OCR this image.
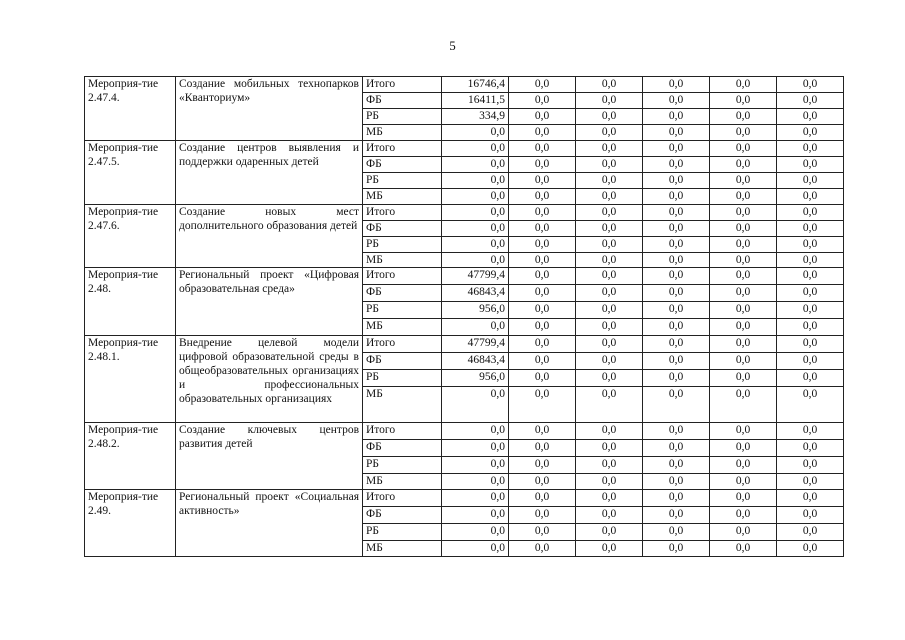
5
Мероприя-тие 2.47.4.	Создание мобильных технопарков «Кванториум»	Итого	16746,4	0,0	0,0	0,0	0,0	0,0
		ФБ	16411,5	0,0	0,0	0,0	0,0	0,0
		РБ	334,9	0,0	0,0	0,0	0,0	0,0
		МБ	0,0	0,0	0,0	0,0	0,0	0,0
Мероприя-тие 2.47.5.	Создание центров выявления и поддержки одаренных детей	Итого	0,0	0,0	0,0	0,0	0,0	0,0
		ФБ	0,0	0,0	0,0	0,0	0,0	0,0
		РБ	0,0	0,0	0,0	0,0	0,0	0,0
		МБ	0,0	0,0	0,0	0,0	0,0	0,0
Мероприя-тие 2.47.6.	Создание новых мест дополнительного образования детей	Итого	0,0	0,0	0,0	0,0	0,0	0,0
		ФБ	0,0	0,0	0,0	0,0	0,0	0,0
		РБ	0,0	0,0	0,0	0,0	0,0	0,0
		МБ	0,0	0,0	0,0	0,0	0,0	0,0
Мероприя-тие 2.48.	Региональный проект «Цифровая образовательная среда»	Итого	47799,4	0,0	0,0	0,0	0,0	0,0
		ФБ	46843,4	0,0	0,0	0,0	0,0	0,0
		РБ	956,0	0,0	0,0	0,0	0,0	0,0
		МБ	0,0	0,0	0,0	0,0	0,0	0,0
Мероприя-тие 2.48.1.	Внедрение целевой модели цифровой образовательной среды в общеобразовательных организациях и профессиональных образовательных организациях	Итого	47799,4	0,0	0,0	0,0	0,0	0,0
		ФБ	46843,4	0,0	0,0	0,0	0,0	0,0
		РБ	956,0	0,0	0,0	0,0	0,0	0,0
		МБ	0,0	0,0	0,0	0,0	0,0	0,0
Мероприя-тие 2.48.2.	Создание ключевых центров развития детей	Итого	0,0	0,0	0,0	0,0	0,0	0,0
		ФБ	0,0	0,0	0,0	0,0	0,0	0,0
		РБ	0,0	0,0	0,0	0,0	0,0	0,0
		МБ	0,0	0,0	0,0	0,0	0,0	0,0
Мероприя-тие 2.49.	Региональный проект «Социальная активность»	Итого	0,0	0,0	0,0	0,0	0,0	0,0
		ФБ	0,0	0,0	0,0	0,0	0,0	0,0
		РБ	0,0	0,0	0,0	0,0	0,0	0,0
		МБ	0,0	0,0	0,0	0,0	0,0	0,0
